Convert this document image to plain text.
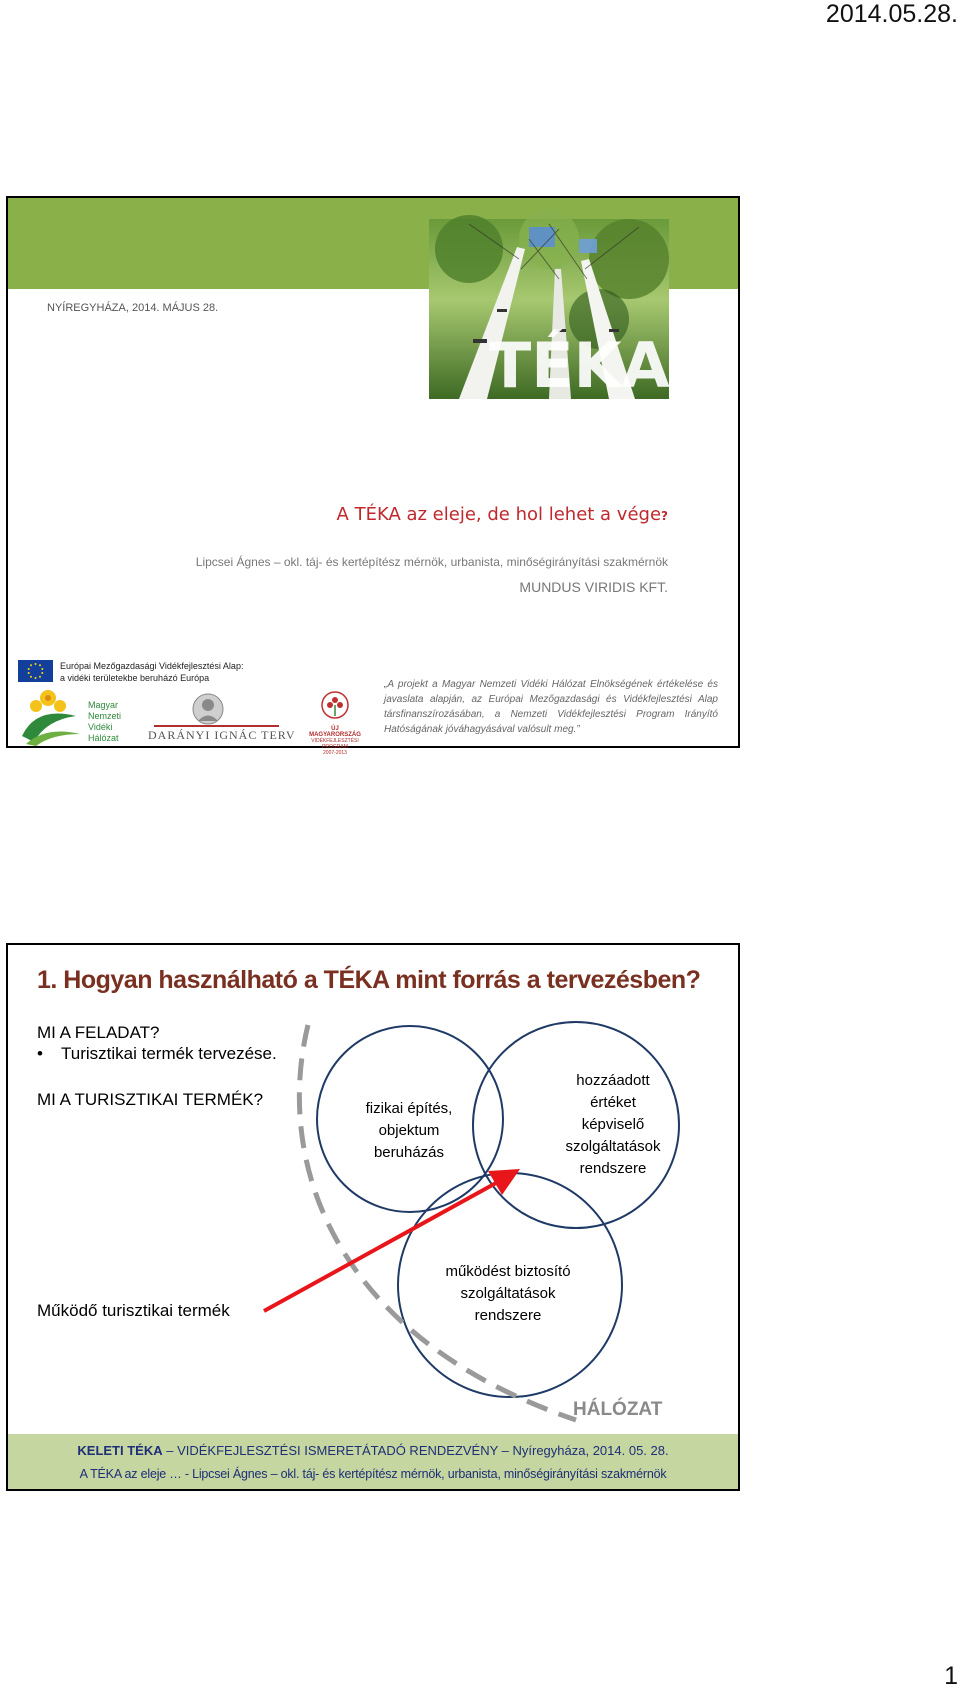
2014.05.28.
TÉKA
NYÍREGYHÁZA, 2014. MÁJUS 28.
A TÉKA az eleje, de hol lehet a vége?
Lipcsei Ágnes – okl. táj- és kertépítész mérnök, urbanista, minőségirányítási szakmérnök
MUNDUS VIRIDIS KFT.
Európai Mezőgazdasági Vidékfejlesztési Alap:
a vidéki területekbe beruházó Európa
„A projekt a Magyar Nemzeti Vidéki Hálózat Elnökségének értékelése és javaslata alapján, az Európai Mezőgazdasági és Vidékfejlesztési Alap társfinanszírozásában, a Nemzeti Vidékfejlesztési Program Irányító Hatóságának jóváhagyásával valósult meg.”
Magyar
Nemzeti
Vidéki
Hálózat DARÁNYI IGNÁC TERV	ÚJ MAGYARORSZÁG
VIDÉKFEJLESZTÉSI PROGRAM
2007-2013
1. Hogyan használható a TÉKA mint forrás a tervezésben?
MI A FELADAT?
• Turisztikai termék tervezése.
MI A TURISZTIKAI TERMÉK?
Működő turisztikai termék
fizikai építés,
objektum
beruházás
hozzáadott
értéket
képviselő
szolgáltatások
rendszere
működést biztosító
szolgáltatások
rendszere
HÁLÓZAT
KELETI TÉKA – VIDÉKFEJLESZTÉSI ISMERETÁTADÓ RENDEZVÉNY – Nyíregyháza, 2014. 05. 28.
A TÉKA az eleje … - Lipcsei Ágnes – okl. táj- és kertépítész mérnök, urbanista, minőségirányítási szakmérnök
1
